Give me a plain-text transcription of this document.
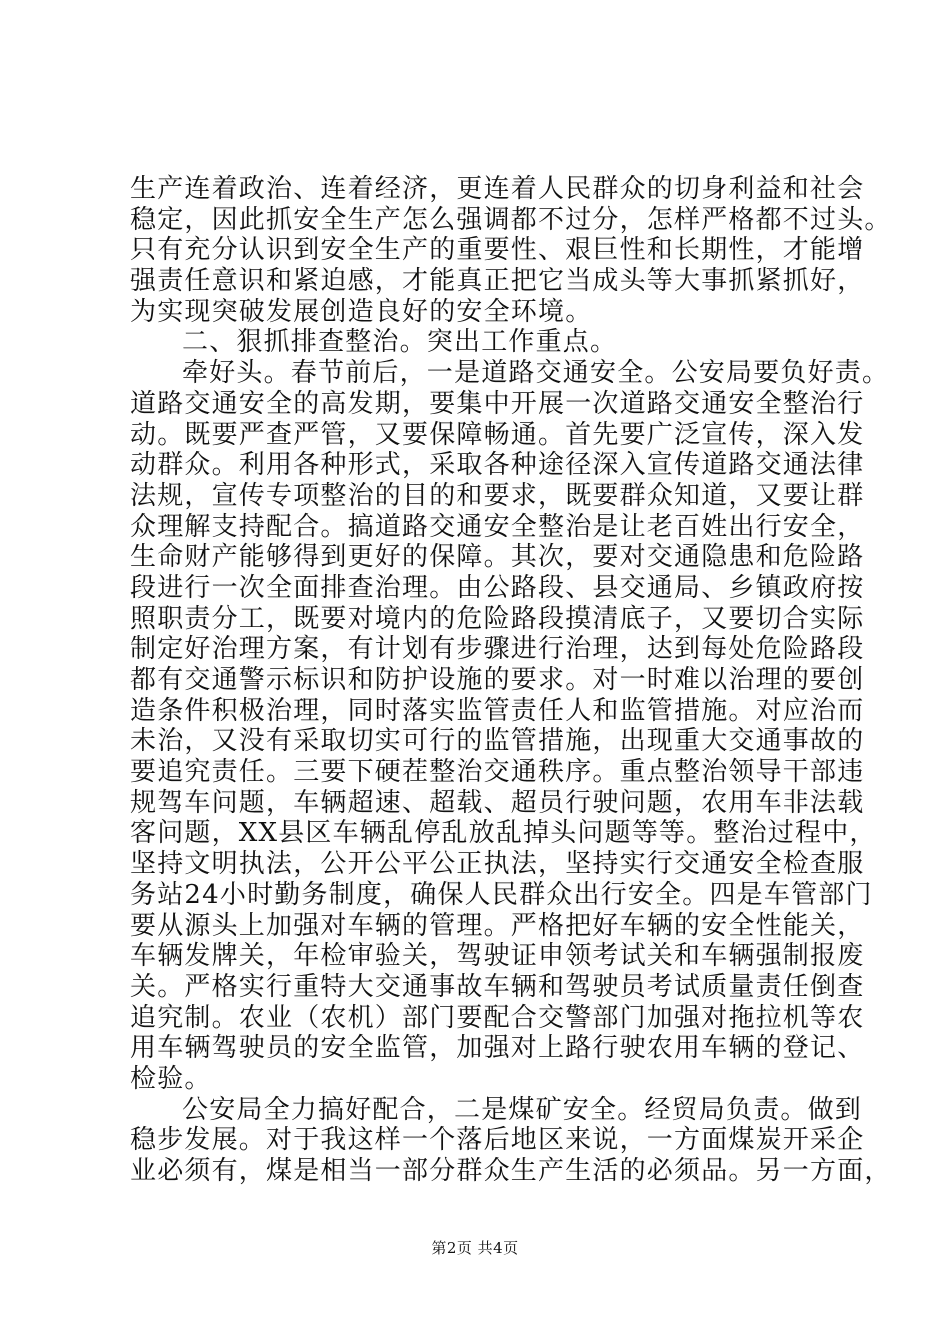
生产连着政治、连着经济，更连着人民群众的切身利益和社会
稳定，因此抓安全生产怎么强调都不过分，怎样严格都不过头。
只有充分认识到安全生产的重要性、艰巨性和长期性，才能增
强责任意识和紧迫感，才能真正把它当成头等大事抓紧抓好，
为实现突破发展创造良好的安全环境。
二、狠抓排查整治。突出工作重点。
牵好头。春节前后，一是道路交通安全。公安局要负好责。
道路交通安全的高发期，要集中开展一次道路交通安全整治行
动。既要严查严管，又要保障畅通。首先要广泛宣传，深入发
动群众。利用各种形式，采取各种途径深入宣传道路交通法律
法规，宣传专项整治的目的和要求，既要群众知道，又要让群
众理解支持配合。搞道路交通安全整治是让老百姓出行安全，
生命财产能够得到更好的保障。其次，要对交通隐患和危险路
段进行一次全面排查治理。由公路段、县交通局、乡镇政府按
照职责分工，既要对境内的危险路段摸清底子，又要切合实际
制定好治理方案，有计划有步骤进行治理，达到每处危险路段
都有交通警示标识和防护设施的要求。对一时难以治理的要创
造条件积极治理，同时落实监管责任人和监管措施。对应治而
未治，又没有采取切实可行的监管措施，出现重大交通事故的
要追究责任。三要下硬茬整治交通秩序。重点整治领导干部违
规驾车问题，车辆超速、超载、超员行驶问题，农用车非法载
客问题，XX县区车辆乱停乱放乱掉头问题等等。整治过程中，
坚持文明执法，公开公平公正执法，坚持实行交通安全检查服
务站24小时勤务制度，确保人民群众出行安全。四是车管部门
要从源头上加强对车辆的管理。严格把好车辆的安全性能关，
车辆发牌关，年检审验关，驾驶证申领考试关和车辆强制报废
关。严格实行重特大交通事故车辆和驾驶员考试质量责任倒查
追究制。农业（农机）部门要配合交警部门加强对拖拉机等农
用车辆驾驶员的安全监管，加强对上路行驶农用车辆的登记、
检验。
公安局全力搞好配合，二是煤矿安全。经贸局负责。做到
稳步发展。对于我这样一个落后地区来说，一方面煤炭开采企
业必须有，煤是相当一部分群众生产生活的必须品。另一方面，
第2页 共4页
